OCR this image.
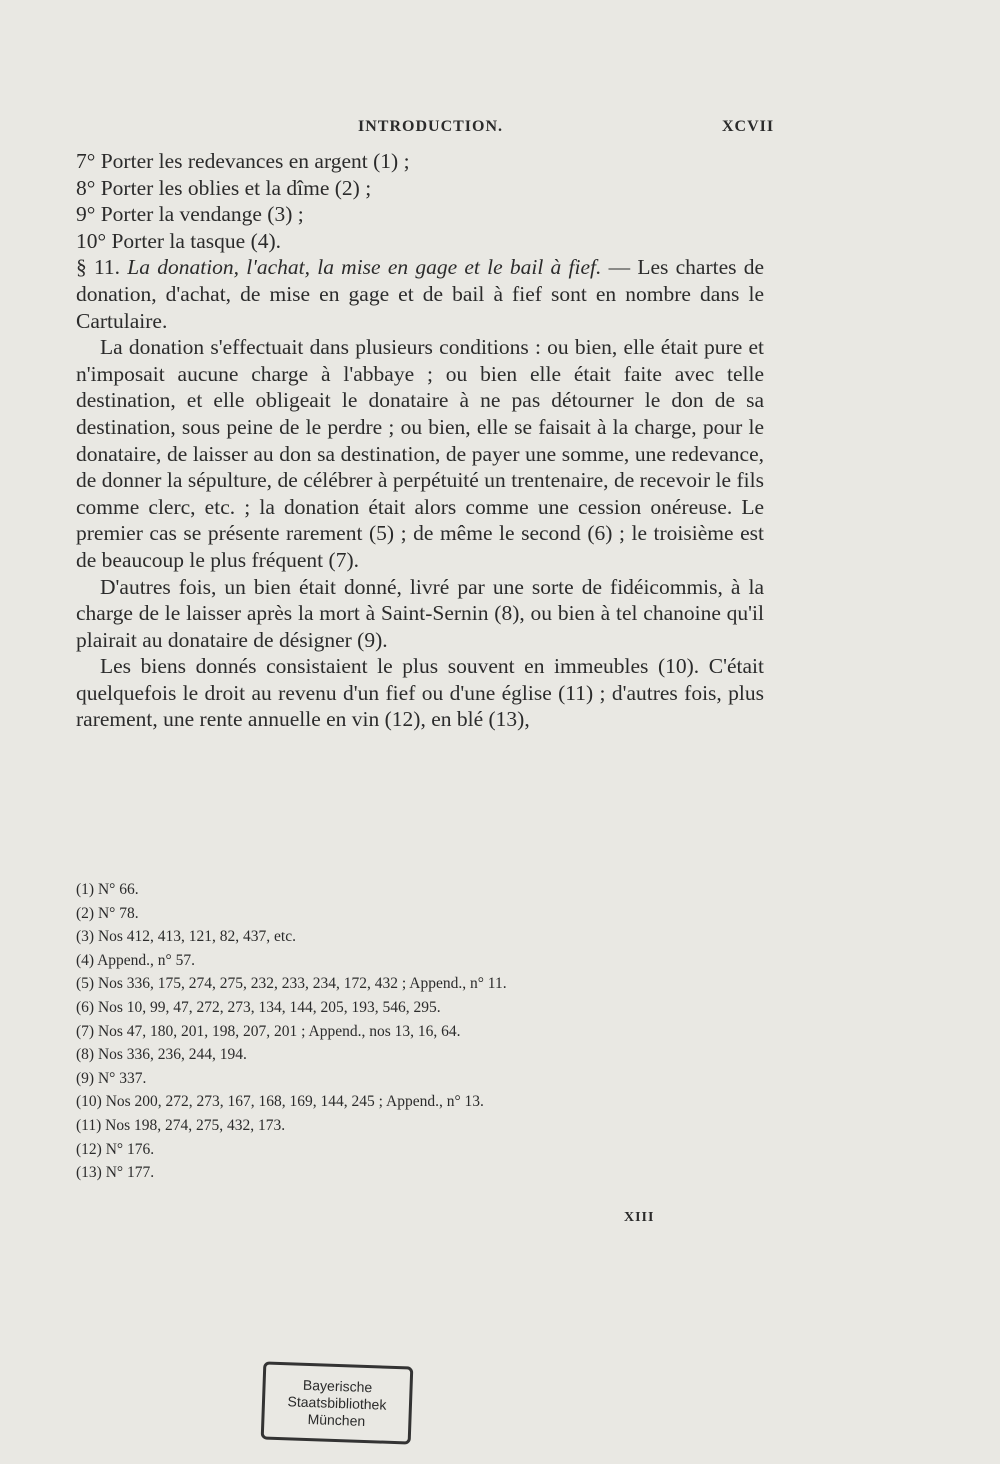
INTRODUCTION.	XCVII

7° Porter les redevances en argent (1) ;

8° Porter les oblies et la dîme (2) ;

9° Porter la vendange (3) ;

10° Porter la tasque (4).

§ 11. La donation, l'achat, la mise en gage et le bail à fief. — Les chartes de donation, d'achat, de mise en gage et de bail à fief sont en nombre dans le Cartulaire.

La donation s'effectuait dans plusieurs conditions : ou bien, elle était pure et n'imposait aucune charge à l'abbaye ; ou bien elle était faite avec telle destination, et elle obligeait le donataire à ne pas détourner le don de sa destination, sous peine de le perdre ; ou bien, elle se faisait à la charge, pour le donataire, de laisser au don sa destination, de payer une somme, une redevance, de donner la sépulture, de célébrer à perpétuité un trentenaire, de recevoir le fils comme clerc, etc. ; la donation était alors comme une cession onéreuse. Le premier cas se présente rarement (5) ; de même le second (6) ; le troisième est de beaucoup le plus fréquent (7).

D'autres fois, un bien était donné, livré par une sorte de fidéicommis, à la charge de le laisser après la mort à Saint-Sernin (8), ou bien à tel chanoine qu'il plairait au donataire de désigner (9).

Les biens donnés consistaient le plus souvent en immeubles (10). C'était quelquefois le droit au revenu d'un fief ou d'une église (11) ; d'autres fois, plus rarement, une rente annuelle en vin (12), en blé (13),

(1) N° 66.
(2) N° 78.
(3) Nos 412, 413, 121, 82, 437, etc.
(4) Append., n° 57.
(5) Nos 336, 175, 274, 275, 232, 233, 234, 172, 432 ; Append., n° 11.
(6) Nos 10, 99, 47, 272, 273, 134, 144, 205, 193, 546, 295.
(7) Nos 47, 180, 201, 198, 207, 201 ; Append., nos 13, 16, 64.
(8) Nos 336, 236, 244, 194.
(9) N° 337.
(10) Nos 200, 272, 273, 167, 168, 169, 144, 245 ; Append., n° 13.
(11) Nos 198, 274, 275, 432, 173.
(12) N° 176.
(13) N° 177.
XIII
Bayerische
Staatsbibliothek
München
